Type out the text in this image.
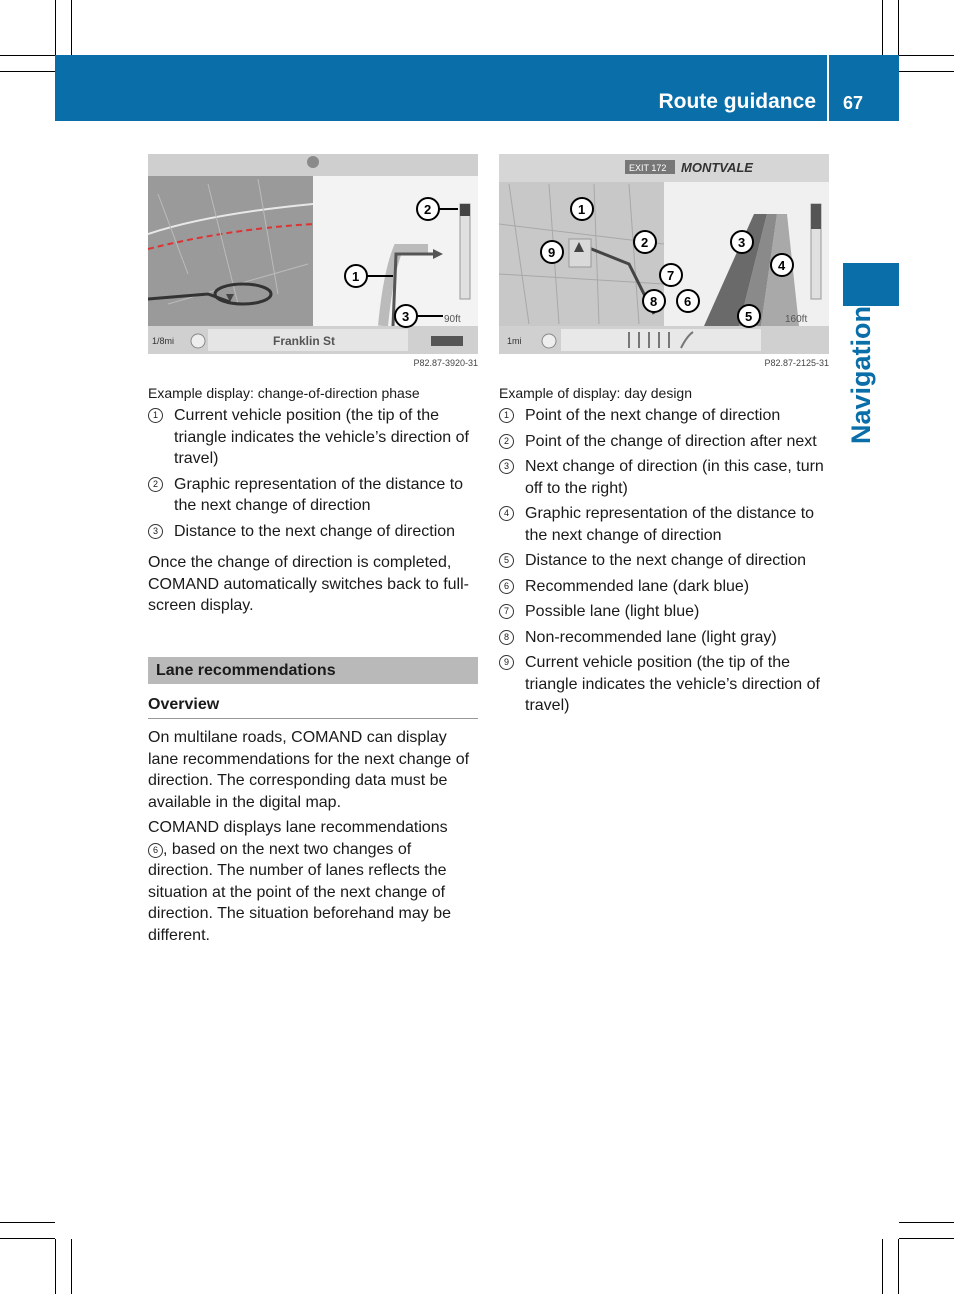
Route guidance 67
Navigation
1/8mi	Franklin St
90ft
1
2
3
P82.87-3920-31
Example display: change-of-direction phase
1	Current vehicle position (the tip of the triangle indicates the vehicle’s direction of travel)
2	Graphic representation of the distance to the next change of direction
3	Distance to the next change of direction

Once the change of direction is completed, COMAND automatically switches back to full-screen display.

Lane recommendations
Overview

On multilane roads, COMAND can display lane recommendations for the next change of direction. The corresponding data must be available in the digital map.

COMAND displays lane recommendations
6 , based on the next two changes of direction. The number of lanes reflects the situation at the point of the next change of direction. The situation beforehand may be different.

EXIT 172 MONTVALE
1mi
160ft
1
2	3
4
5
6
7
8
9
P82.87-2125-31
Example of display: day design
1	Point of the next change of direction
2	Point of the change of direction after next
3	Next change of direction (in this case, turn off to the right)
4	Graphic representation of the distance to the next change of direction
5	Distance to the next change of direction
6	Recommended lane (dark blue)
7	Possible lane (light blue)
8	Non-recommended lane (light gray)
9	Current vehicle position (the tip of the triangle indicates the vehicle’s direction of travel)
